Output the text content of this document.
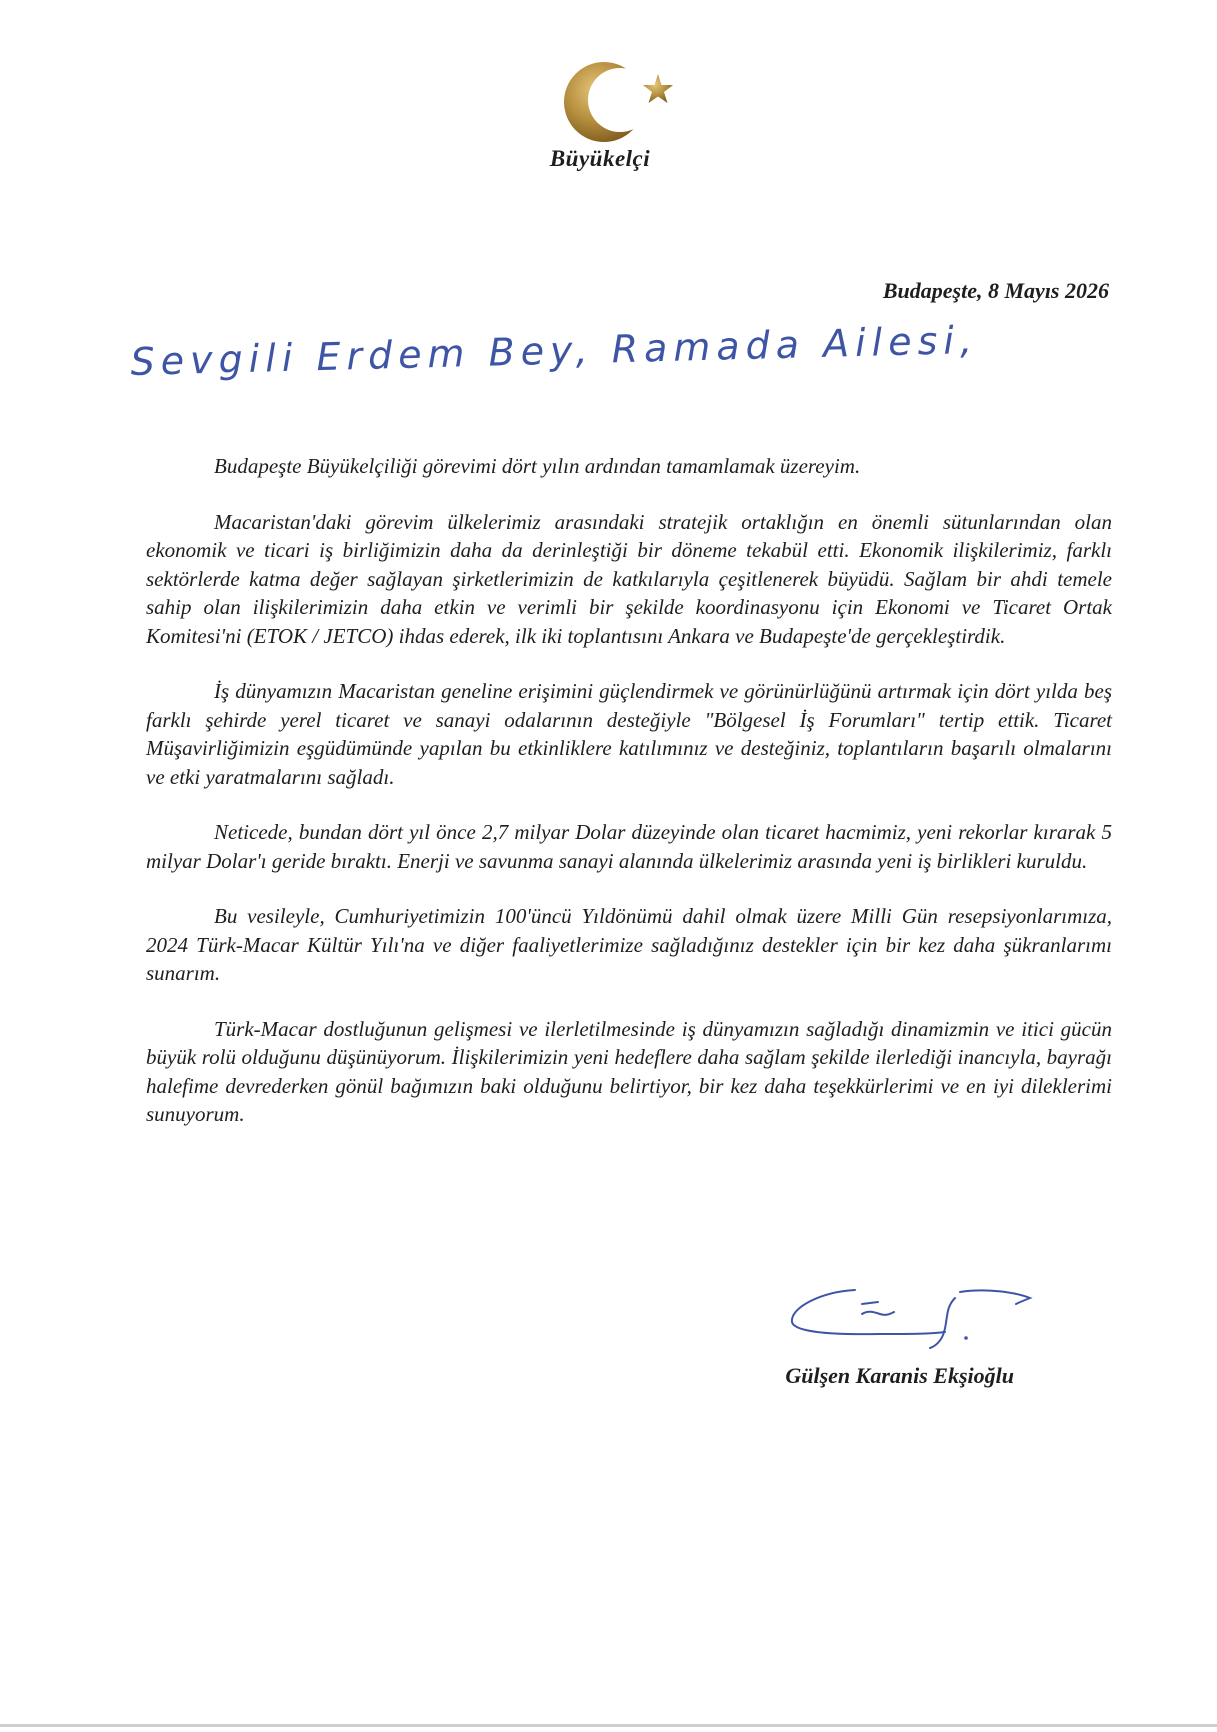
Büyükelçi
Budapeşte, 8 Mayıs 2026
Sevgili Erdem Bey, Ramada Ailesi,

Budapeşte Büyükelçiliği görevimi dört yılın ardından tamamlamak üzereyim.

Macaristan'daki görevim ülkelerimiz arasındaki stratejik ortaklığın en önemli sütunlarından olan ekonomik ve ticari iş birliğimizin daha da derinleştiği bir döneme tekabül etti. Ekonomik ilişkilerimiz, farklı sektörlerde katma değer sağlayan şirketlerimizin de katkılarıyla çeşitlenerek büyüdü. Sağlam bir ahdi temele sahip olan ilişkilerimizin daha etkin ve verimli bir şekilde koordinasyonu için Ekonomi ve Ticaret Ortak Komitesi'ni (ETOK / JETCO) ihdas ederek, ilk iki toplantısını Ankara ve Budapeşte'de gerçekleştirdik.

İş dünyamızın Macaristan geneline erişimini güçlendirmek ve görünürlüğünü artırmak için dört yılda beş farklı şehirde yerel ticaret ve sanayi odalarının desteğiyle "Bölgesel İş Forumları" tertip ettik. Ticaret Müşavirliğimizin eşgüdümünde yapılan bu etkinliklere katılımınız ve desteğiniz, toplantıların başarılı olmalarını ve etki yaratmalarını sağladı.

Neticede, bundan dört yıl önce 2,7 milyar Dolar düzeyinde olan ticaret hacmimiz, yeni rekorlar kırarak 5 milyar Dolar'ı geride bıraktı. Enerji ve savunma sanayi alanında ülkelerimiz arasında yeni iş birlikleri kuruldu.

Bu vesileyle, Cumhuriyetimizin 100'üncü Yıldönümü dahil olmak üzere Milli Gün resepsiyonlarımıza, 2024 Türk-Macar Kültür Yılı'na ve diğer faaliyetlerimize sağladığınız destekler için bir kez daha şükranlarımı sunarım.

Türk-Macar dostluğunun gelişmesi ve ilerletilmesinde iş dünyamızın sağladığı dinamizmin ve itici gücün büyük rolü olduğunu düşünüyorum. İlişkilerimizin yeni hedeflere daha sağlam şekilde ilerlediği inancıyla, bayrağı halefime devrederken gönül bağımızın baki olduğunu belirtiyor, bir kez daha teşekkürlerimi ve en iyi dileklerimi sunuyorum.

Gülşen Karanis Ekşioğlu
